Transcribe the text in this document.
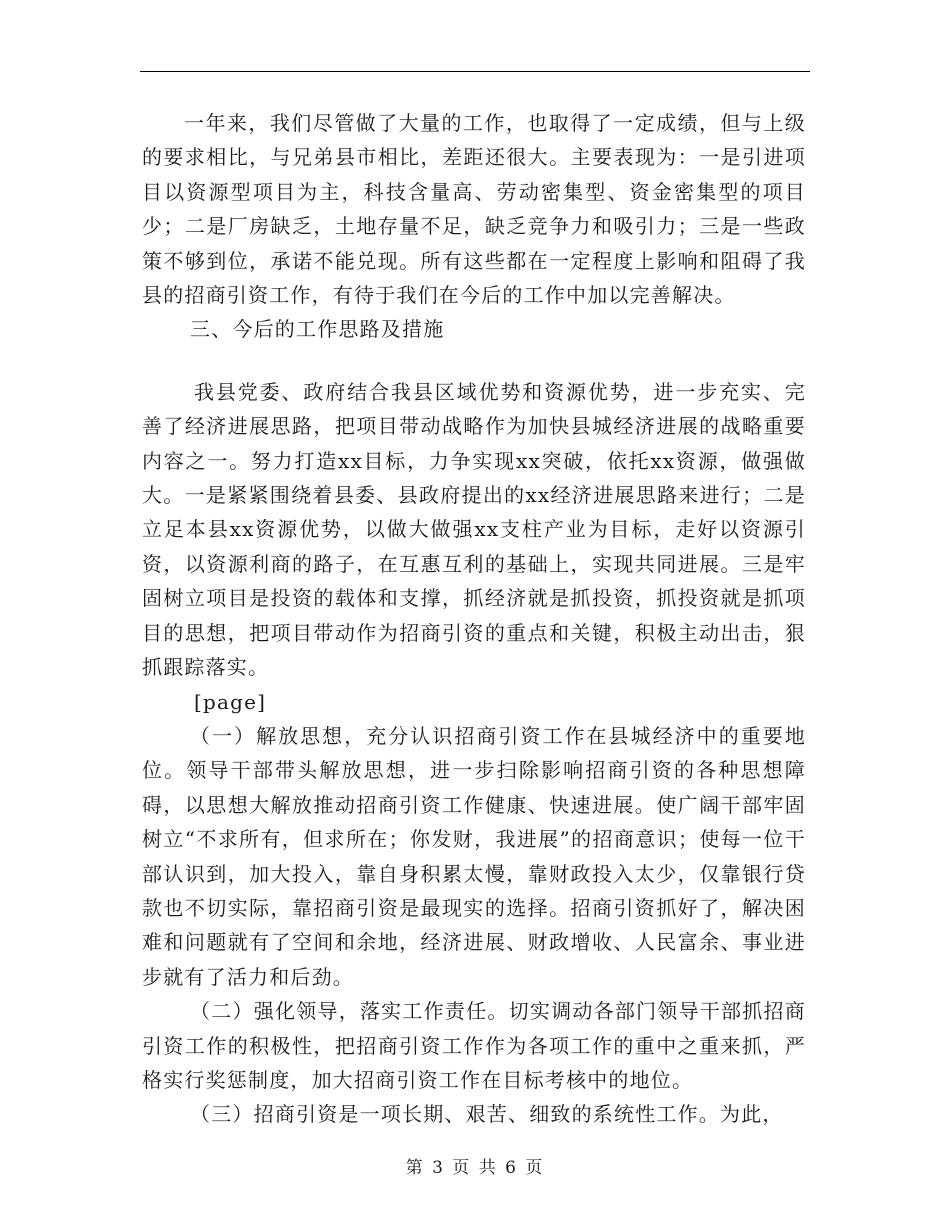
一年来，我们尽管做了大量的工作，也取得了一定成绩，但与上级的要求相比，与兄弟县市相比，差距还很大。主要表现为：一是引进项目以资源型项目为主，科技含量高、劳动密集型、资金密集型的项目少；二是厂房缺乏，土地存量不足，缺乏竞争力和吸引力；三是一些政策不够到位，承诺不能兑现。所有这些都在一定程度上影响和阻碍了我县的招商引资工作，有待于我们在今后的工作中加以完善解决。

三、今后的工作思路及措施

我县党委、政府结合我县区域优势和资源优势，进一步充实、完善了经济进展思路，把项目带动战略作为加快县城经济进展的战略重要内容之一。努力打造xx目标，力争实现xx突破，依托xx资源，做强做大。一是紧紧围绕着县委、县政府提出的xx经济进展思路来进行；二是立足本县xx资源优势，以做大做强xx支柱产业为目标，走好以资源引资，以资源利商的路子，在互惠互利的基础上，实现共同进展。三是牢固树立项目是投资的载体和支撑，抓经济就是抓投资，抓投资就是抓项目的思想，把项目带动作为招商引资的重点和关键，积极主动出击，狠抓跟踪落实。

[page]

（一）解放思想，充分认识招商引资工作在县城经济中的重要地位。领导干部带头解放思想，进一步扫除影响招商引资的各种思想障碍，以思想大解放推动招商引资工作健康、快速进展。使广阔干部牢固树立“不求所有，但求所在；你发财，我进展”的招商意识；使每一位干部认识到，加大投入，靠自身积累太慢，靠财政投入太少，仅靠银行贷款也不切实际，靠招商引资是最现实的选择。招商引资抓好了，解决困难和问题就有了空间和余地，经济进展、财政增收、人民富余、事业进步就有了活力和后劲。

（二）强化领导，落实工作责任。切实调动各部门领导干部抓招商引资工作的积极性，把招商引资工作作为各项工作的重中之重来抓，严格实行奖惩制度，加大招商引资工作在目标考核中的地位。

（三）招商引资是一项长期、艰苦、细致的系统性工作。为此，

第 3 页 共 6 页
